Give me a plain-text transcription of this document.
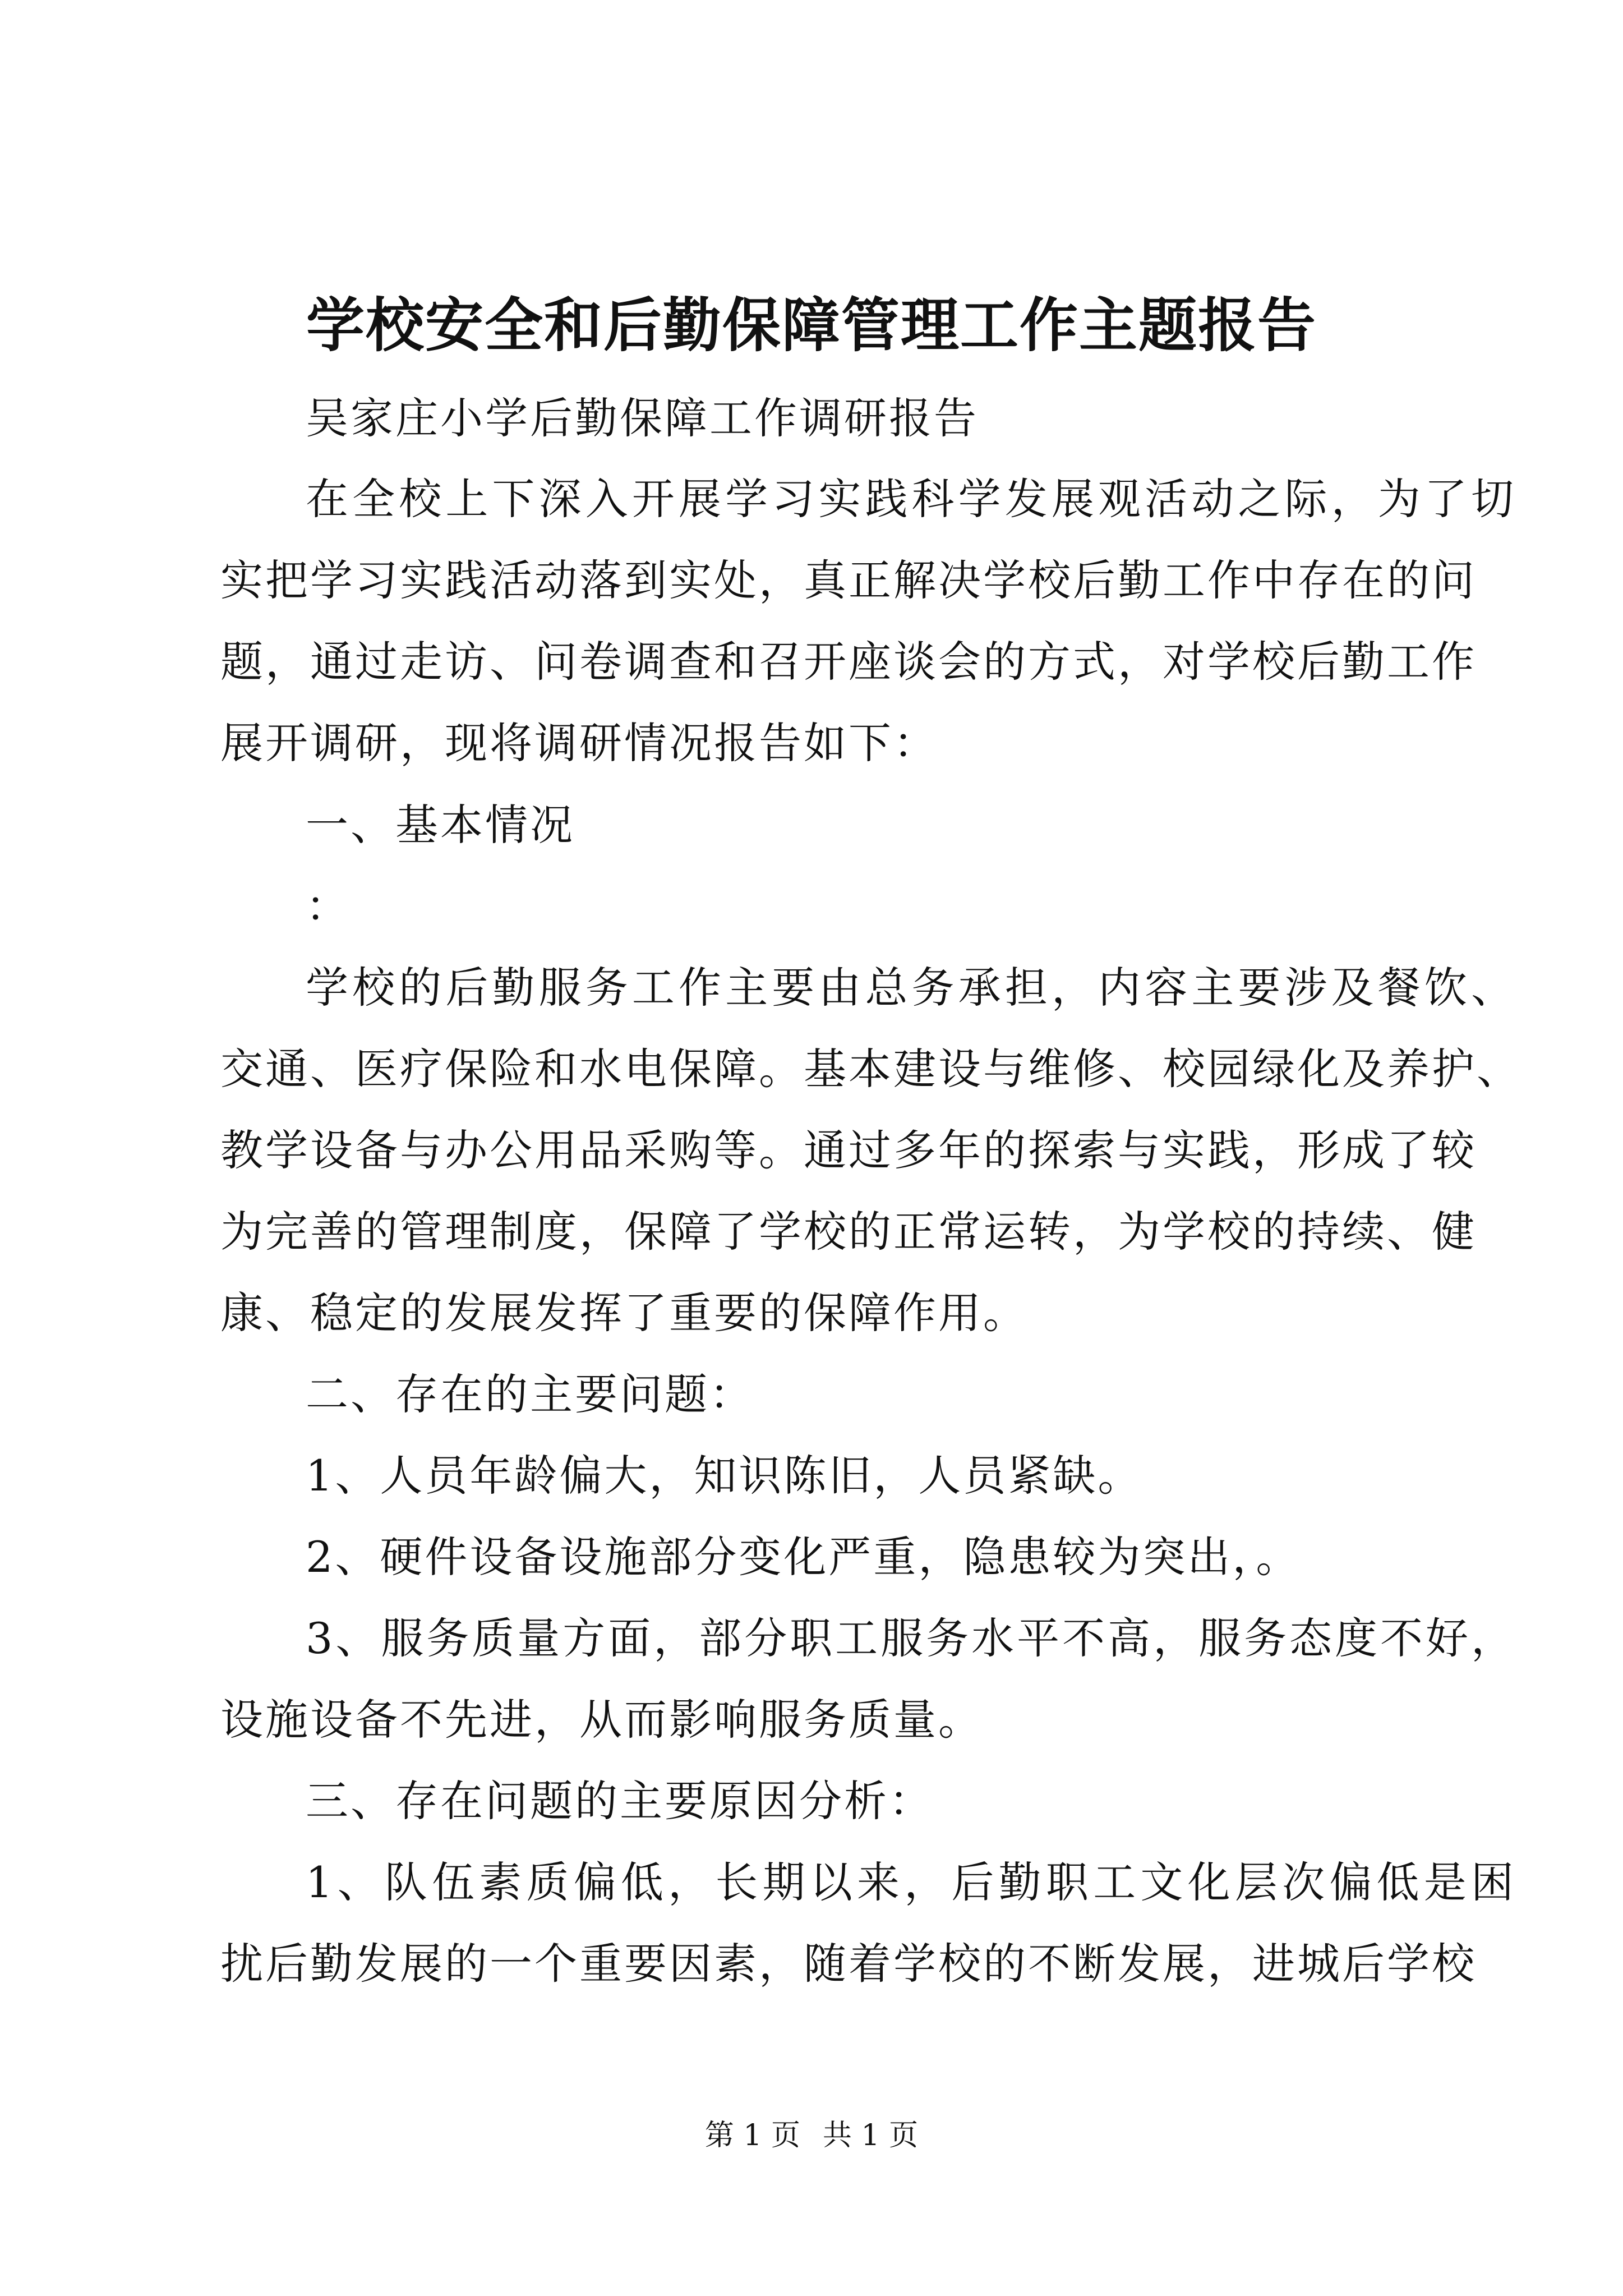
学校安全和后勤保障管理工作主题报告
吴家庄小学后勤保障工作调研报告
在全校上下深入开展学习实践科学发展观活动之际，为了切
实把学习实践活动落到实处，真正解决学校后勤工作中存在的问
题，通过走访、问卷调查和召开座谈会的方式，对学校后勤工作
展开调研，现将调研情况报告如下：
一、基本情况
：
学校的后勤服务工作主要由总务承担，内容主要涉及餐饮、
交通、医疗保险和水电保障。基本建设与维修、校园绿化及养护、
教学设备与办公用品采购等。通过多年的探索与实践，形成了较
为完善的管理制度，保障了学校的正常运转，为学校的持续、健
康、稳定的发展发挥了重要的保障作用。
二、存在的主要问题：
1、人员年龄偏大，知识陈旧，人员紧缺。
2、硬件设备设施部分变化严重，隐患较为突出，。
3、服务质量方面，部分职工服务水平不高，服务态度不好，
设施设备不先进，从而影响服务质量。
三、存在问题的主要原因分析：
1、队伍素质偏低，长期以来，后勤职工文化层次偏低是困
扰后勤发展的一个重要因素，随着学校的不断发展，进城后学校
第 1 页 共 1 页
